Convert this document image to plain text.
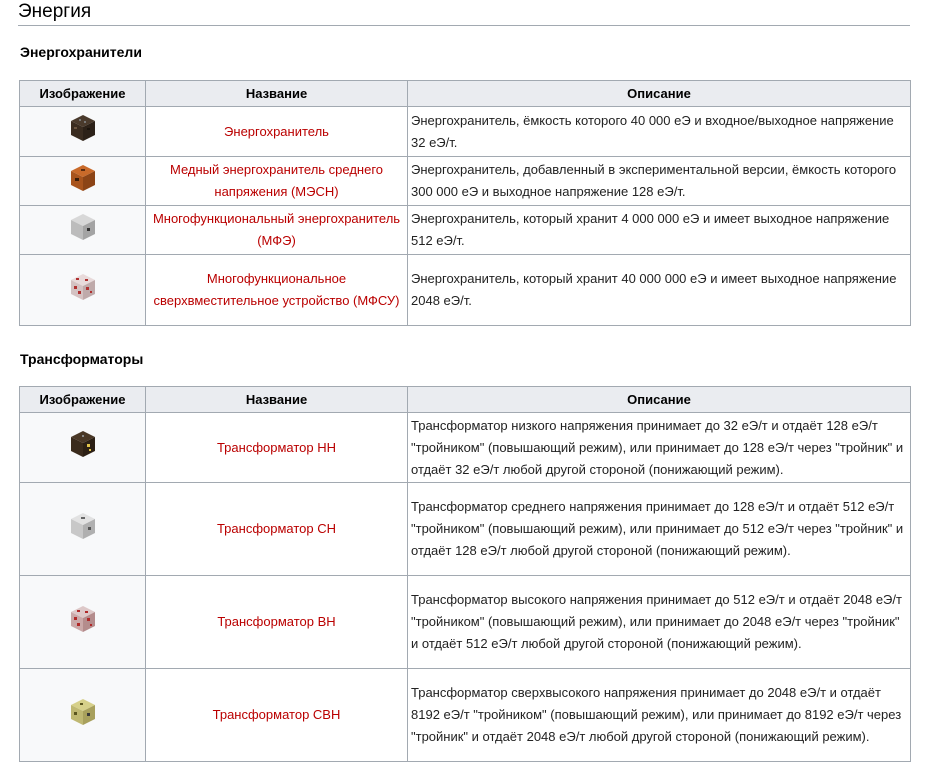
Энергия
Энергохранители
Изображение	Название	Описание
	Энергохранитель	Энергохранитель, ёмкость которого 40 000 еЭ и входное/выходное напряжение 32 еЭ/т.
	Медный энергохранитель среднего напряжения (МЭСН)	Энергохранитель, добавленный в экспериментальной версии, ёмкость которого 300 000 еЭ и выходное напряжение 128 еЭ/т.
	Многофункциональный энергохранитель (МФЭ)	Энергохранитель, который хранит 4 000 000 еЭ и имеет выходное напряжение 512 еЭ/т.
	Многофункциональное сверхвместительное устройство (МФСУ)	Энергохранитель, который хранит 40 000 000 еЭ и имеет выходное напряжение 2048 еЭ/т.
Трансформаторы
Изображение	Название	Описание
	Трансформатор НН	Трансформатор низкого напряжения принимает до 32 еЭ/т и отдаёт 128 еЭ/т "тройником" (повышающий режим), или принимает до 128 еЭ/т через "тройник" и отдаёт 32 еЭ/т любой другой стороной (понижающий режим).
	Трансформатор СН	Трансформатор среднего напряжения принимает до 128 еЭ/т и отдаёт 512 еЭ/т "тройником" (повышающий режим), или принимает до 512 еЭ/т через "тройник" и отдаёт 128 еЭ/т любой другой стороной (понижающий режим).
	Трансформатор ВН	Трансформатор высокого напряжения принимает до 512 еЭ/т и отдаёт 2048 еЭ/т "тройником" (повышающий режим), или принимает до 2048 еЭ/т через "тройник" и отдаёт 512 еЭ/т любой другой стороной (понижающий режим).
	Трансформатор СВН	Трансформатор сверхвысокого напряжения принимает до 2048 еЭ/т и отдаёт 8192 еЭ/т "тройником" (повышающий режим), или принимает до 8192 еЭ/т через "тройник" и отдаёт 2048 еЭ/т любой другой стороной (понижающий режим).
